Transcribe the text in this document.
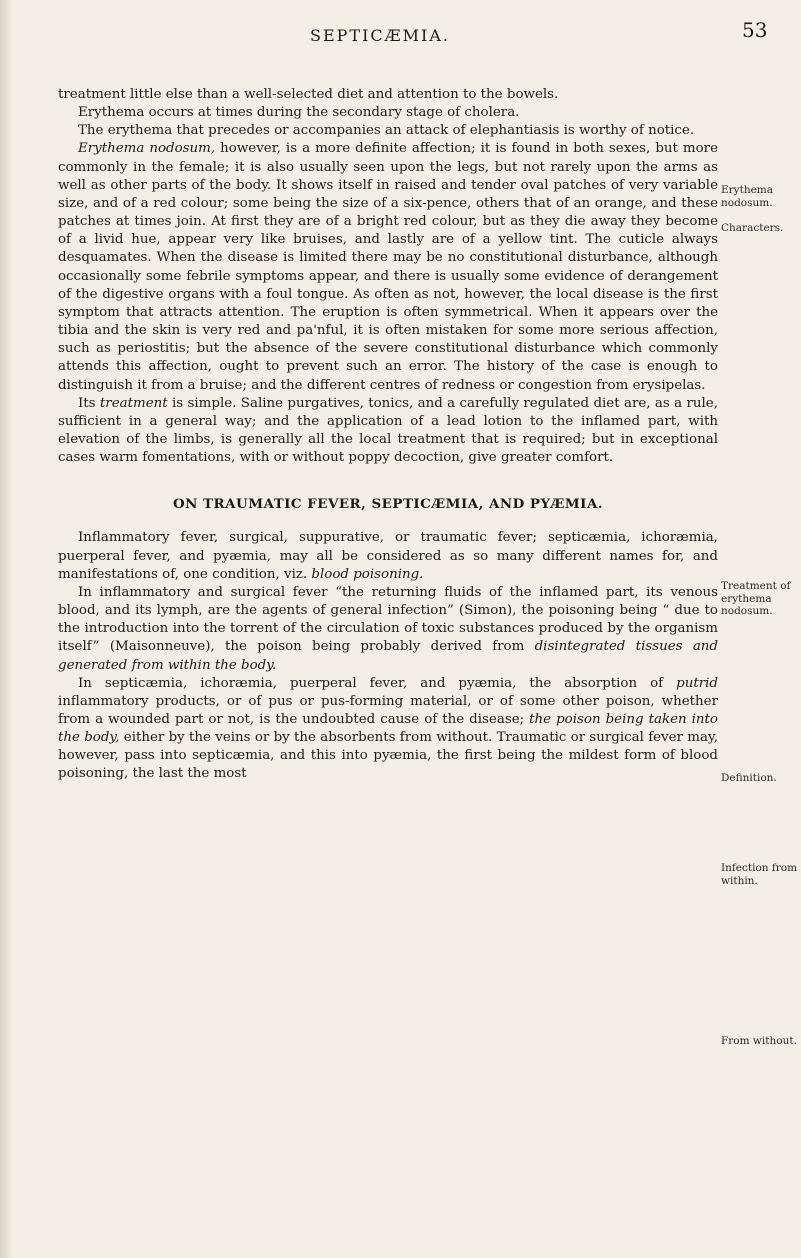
SEPTICÆMIA.	53

treatment little else than a well-selected diet and attention to the bowels.

Erythema occurs at times during the secondary stage of cholera.

The erythema that precedes or accompanies an attack of elephantiasis is worthy of notice.

Erythema nodosum, however, is a more definite affection; it is found in both sexes, but more commonly in the female; it is also usually seen upon the legs, but not rarely upon the arms as well as other parts of the body. It shows itself in raised and tender oval patches of very variable size, and of a red colour; some being the size of a six-pence, others that of an orange, and these patches at times join. At first they are of a bright red colour, but as they die away they become of a livid hue, appear very like bruises, and lastly are of a yellow tint. The cuticle always desquamates. When the disease is limited there may be no constitutional disturbance, although occasionally some febrile symptoms appear, and there is usually some evidence of derangement of the digestive organs with a foul tongue. As often as not, however, the local disease is the first symptom that attracts attention. The eruption is often symmetrical. When it appears over the tibia and the skin is very red and pa'nful, it is often mistaken for some more serious affection, such as periostitis; but the absence of the severe constitutional disturbance which commonly attends this affection, ought to prevent such an error. The history of the case is enough to distinguish it from a bruise; and the different centres of redness or congestion from erysipelas.

Its treatment is simple. Saline purgatives, tonics, and a carefully regulated diet are, as a rule, sufficient in a general way; and the application of a lead lotion to the inflamed part, with elevation of the limbs, is generally all the local treatment that is required; but in exceptional cases warm fomentations, with or without poppy decoction, give greater comfort.

ON TRAUMATIC FEVER, SEPTICÆMIA, AND PYÆMIA.

Inflammatory fever, surgical, suppurative, or traumatic fever; septicæmia, ichoræmia, puerperal fever, and pyæmia, may all be considered as so many different names for, and manifestations of, one condition, viz. blood poisoning.

In inflammatory and surgical fever “the returning fluids of the inflamed part, its venous blood, and its lymph, are the agents of general infection” (Simon), the poisoning being “ due to the introduction into the torrent of the circulation of toxic substances produced by the organism itself” (Maisonneuve), the poison being probably derived from disintegrated tissues and generated from within the body.

In septicæmia, ichoræmia, puerperal fever, and pyæmia, the absorption of putrid inflammatory products, or of pus or pus-forming material, or of some other poison, whether from a wounded part or not, is the undoubted cause of the disease; the poison being taken into the body, either by the veins or by the absorbents from without. Traumatic or surgical fever may, however, pass into septicæmia, and this into pyæmia, the first being the mildest form of blood poisoning, the last the most

Erythema nodosum.
Characters.
Treatment of erythema nodosum.
Definition.
Infection from within.
From without.
